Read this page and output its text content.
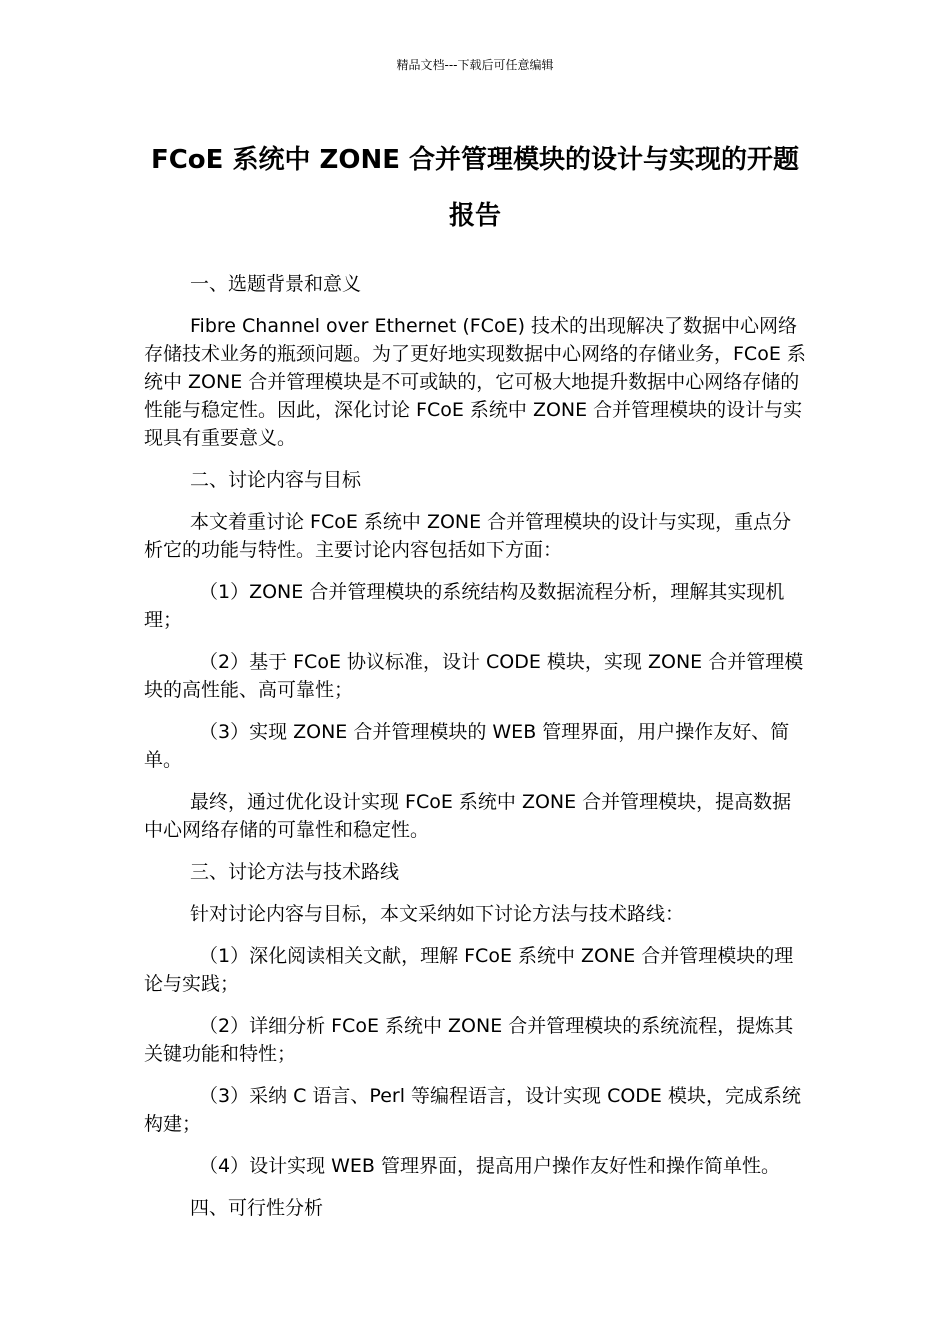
精品文档---下载后可任意编辑
FCoE 系统中 ZONE 合并管理模块的设计与实现的开题报告

一、选题背景和意义

Fibre Channel over Ethernet (FCoE) 技术的出现解决了数据中心网络存储技术业务的瓶颈问题。为了更好地实现数据中心网络的存储业务，FCoE 系统中 ZONE 合并管理模块是不可或缺的，它可极大地提升数据中心网络存储的性能与稳定性。因此，深化讨论 FCoE 系统中 ZONE 合并管理模块的设计与实现具有重要意义。

二、讨论内容与目标

本文着重讨论 FCoE 系统中 ZONE 合并管理模块的设计与实现，重点分析它的功能与特性。主要讨论内容包括如下方面：

（1）ZONE 合并管理模块的系统结构及数据流程分析，理解其实现机理；

（2）基于 FCoE 协议标准，设计 CODE 模块，实现 ZONE 合并管理模块的高性能、高可靠性；

（3）实现 ZONE 合并管理模块的 WEB 管理界面，用户操作友好、简单。

最终，通过优化设计实现 FCoE 系统中 ZONE 合并管理模块，提高数据中心网络存储的可靠性和稳定性。

三、讨论方法与技术路线

针对讨论内容与目标，本文采纳如下讨论方法与技术路线：

（1）深化阅读相关文献，理解 FCoE 系统中 ZONE 合并管理模块的理论与实践；

（2）详细分析 FCoE 系统中 ZONE 合并管理模块的系统流程，提炼其关键功能和特性；

（3）采纳 C 语言、Perl 等编程语言，设计实现 CODE 模块，完成系统构建；

（4）设计实现 WEB 管理界面，提高用户操作友好性和操作简单性。

四、可行性分析
